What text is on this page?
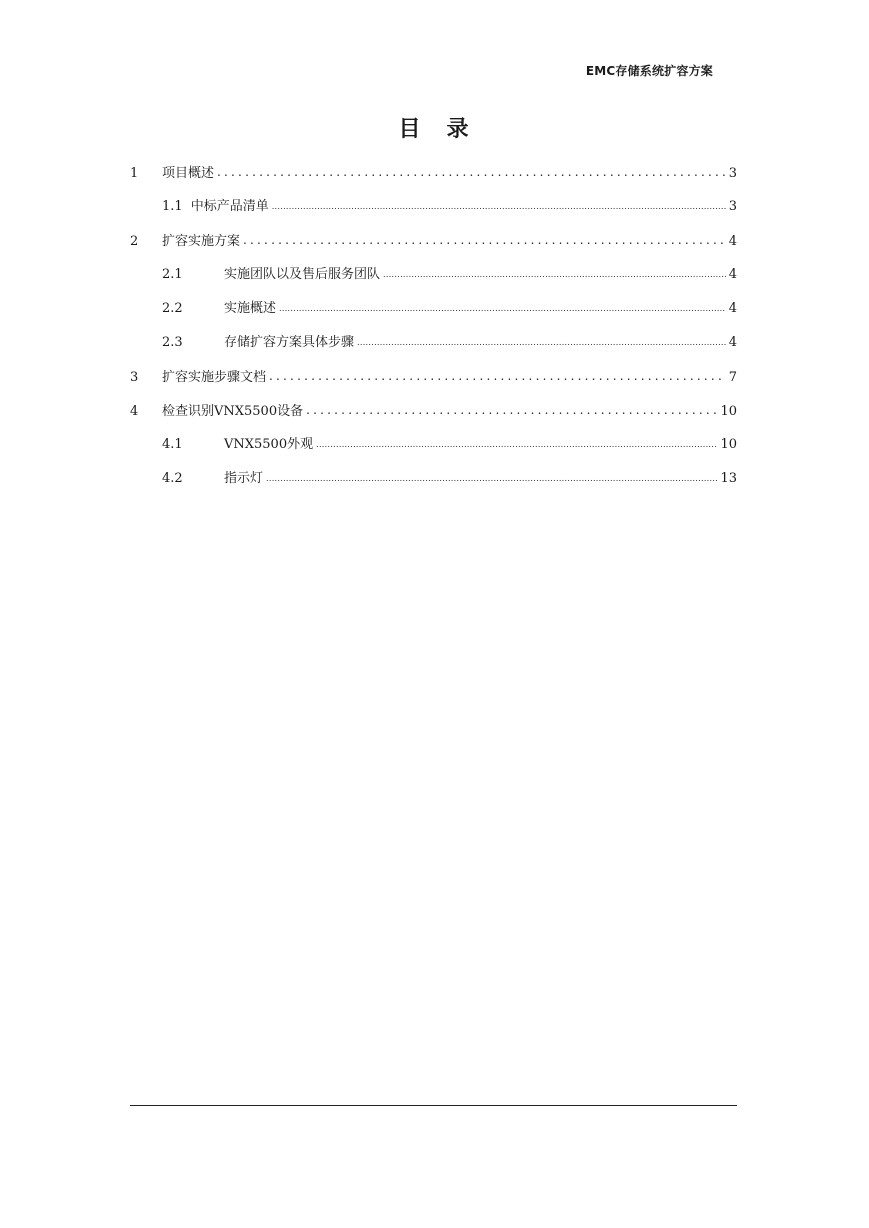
EMC存储系统扩容方案
目　录
1	项目概述 .....	3
1.1 中标产品清单 .....	3
2	扩容实施方案 .....	4
2.1	实施团队以及售后服务团队 .....	4
2.2	实施概述 .....	4
2.3	存储扩容方案具体步骤 .....	4
3	扩容实施步骤文档 .....	7
4	检查识别VNX5500设备 .....	10
4.1	VNX5500外观 .....	10
4.2	指示灯 .....	13
